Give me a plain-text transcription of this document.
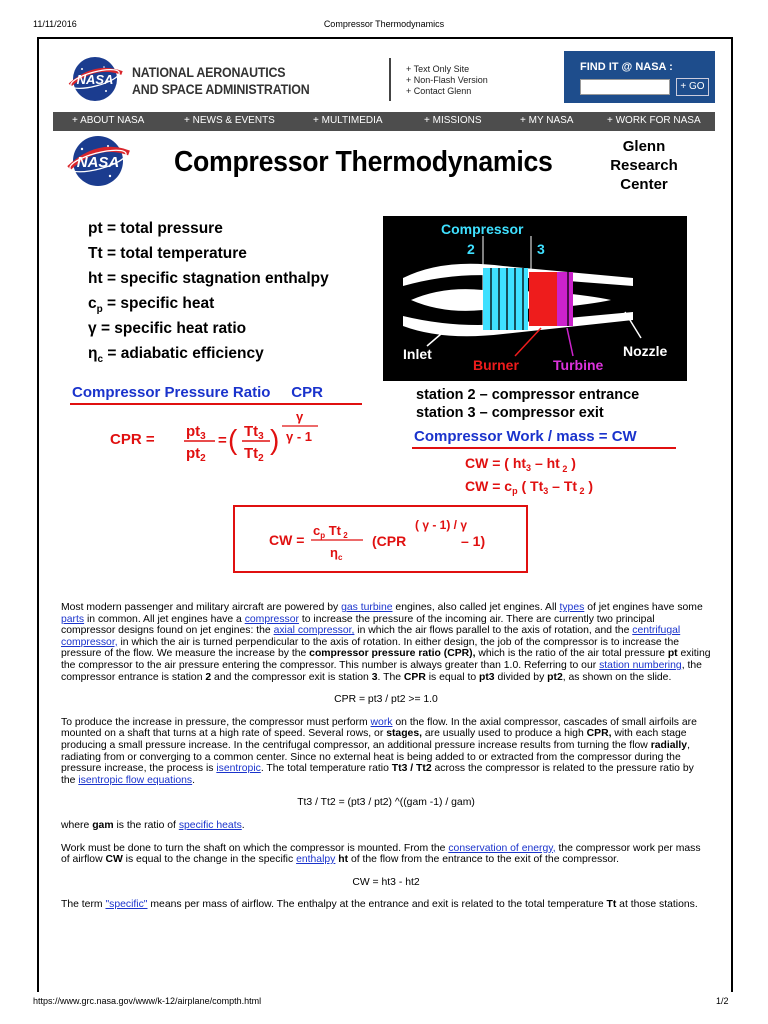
11/11/2016	Compressor Thermodynamics
NASA NATIONAL AERONAUTICS
AND SPACE ADMINISTRATION
+ Text Only Site
+ Non-Flash Version
+ Contact Glenn
FIND IT @ NASA :
+ GO
+ ABOUT NASA	+ NEWS & EVENTS	+ MULTIMEDIA	+ MISSIONS	+ MY NASA	+ WORK FOR NASA
NASA Compressor Thermodynamics	Glenn
Research
Center
pt = total pressure
Tt = total temperature
ht = specific stagnation enthalpy
$c_p$ = specific heat
γ = specific heat ratio
$\eta_c$ = adiabatic efficiency
Compressor
2	3
Inlet
Burner Turbine
Nozzle
station 2 – compressor entrance
station 3 – compressor exit
Compressor Pressure Ratio CPR
CPR = $pt_3$
$pt_2$
= ( $Tt_3$
$Tt_2$
)
γ
γ - 1	Compressor Work / mass = CW
CW = ( $ht_3$ – ht $_2$ )
CW = $c_p$ ( $Tt_3$ – Tt $_2$ )
CW =
$c_p$ Tt $_2$
$\eta_c$
(CPR
( γ - 1) / γ
– 1)

Most modern passenger and military aircraft are powered by gas turbine engines, also called jet engines. All types of jet engines have some parts in common. All jet engines have a compressor to increase the pressure of the incoming air. There are currently two principal compressor designs found on jet engines: the axial compressor, in which the air flows parallel to the axis of rotation, and the centrifugal compressor, in which the air is turned perpendicular to the axis of rotation. In either design, the job of the compressor is to increase the pressure of the flow. We measure the increase by the compressor pressure ratio (CPR), which is the ratio of the air total pressure pt exiting the compressor to the air pressure entering the compressor. This number is always greater than 1.0. Referring to our station numbering, the compressor entrance is station 2 and the compressor exit is station 3. The CPR is equal to pt3 divided by pt2, as shown on the slide.

CPR = pt3 / pt2 >= 1.0

To produce the increase in pressure, the compressor must perform work on the flow. In the axial compressor, cascades of small airfoils are mounted on a shaft that turns at a high rate of speed. Several rows, or stages, are usually used to produce a high CPR, with each stage producing a small pressure increase. In the centrifugal compressor, an additional pressure increase results from turning the flow radially, radiating from or converging to a common center. Since no external heat is being added to or extracted from the compressor during the pressure increase, the process is isentropic. The total temperature ratio Tt3 / Tt2 across the compressor is related to the pressure ratio by the isentropic flow equations.

Tt3 / Tt2 = (pt3 / pt2) ^((gam -1) / gam)

where gam is the ratio of specific heats.

Work must be done to turn the shaft on which the compressor is mounted. From the conservation of energy, the compressor work per mass of airflow CW is equal to the change in the specific enthalpy ht of the flow from the entrance to the exit of the compressor.

CW = ht3 - ht2

The term "specific" means per mass of airflow. The enthalpy at the entrance and exit is related to the total temperature Tt at those stations.

https://www.grc.nasa.gov/www/k-12/airplane/compth.html	1/2
